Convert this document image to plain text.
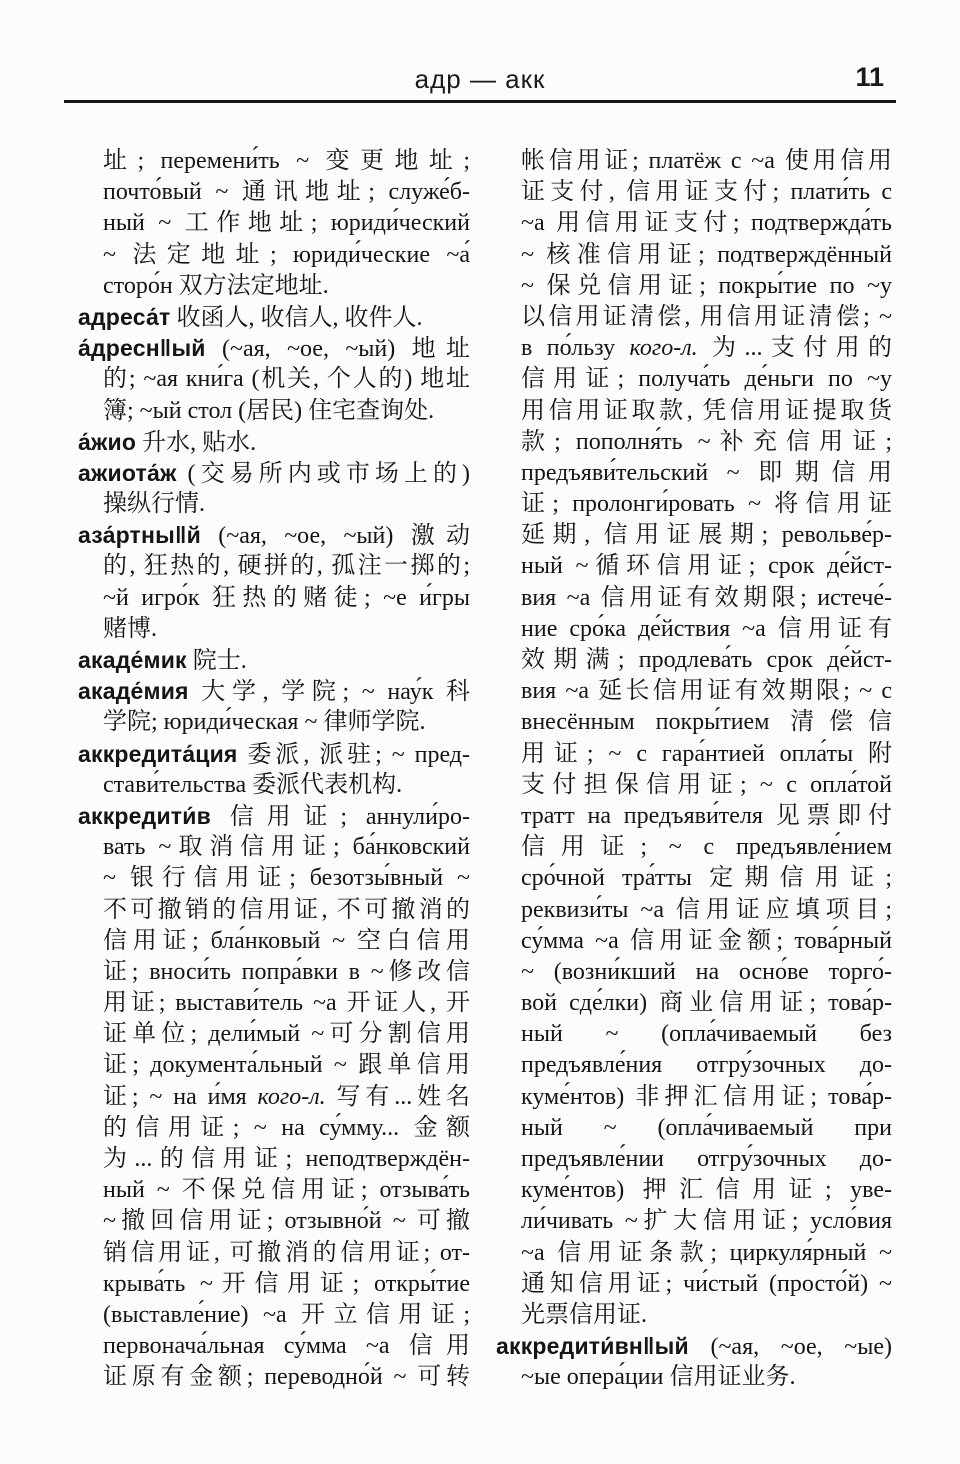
адр — акк	11
址; перемени́ть ~ 变更地址;
почто́вый ~ 通讯地址; служе́б-
ный ~ 工作地址; юриди́ческий
~ 法定地址; юриди́ческие ~а́
сторо́н 双方法定地址.
адреса́т 收函人, 收信人, 收件人.
а́дресн‖ый (~ая, ~ое, ~ый) 地址
的; ~ая кни́га (机关, 个人的) 地址
簿; ~ый стол (居民) 住宅查询处.
а́жио 升水, 贴水.
ажиота́ж (交易所内或市场上的)
操纵行情.
аза́ртны‖й (~ая, ~ое, ~ый) 激动
的, 狂热的, 硬拼的, 孤注一掷的;
~й игро́к 狂热的赌徒; ~е и́гры
赌博.
акаде́мик 院士.
акаде́мия 大学, 学院; ~ нау́к 科
学院; юриди́ческая ~ 律师学院.
аккредита́ция 委派, 派驻; ~ пред-
стави́тельства 委派代表机构.
аккредити́в 信用证; аннули́ро-
вать ~取消信用证; ба́нковский
~ 银行信用证; безотзы́вный ~
不可撤销的信用证, 不可撤消的
信用证; бла́нковый ~ 空白信用
证; вноси́ть попра́вки в ~修改信
用证; выстави́тель ~а 开证人, 开
证单位; дели́мый ~可分割信用
证; документа́льный ~ 跟单信用
证; ~ на и́мя кого-л. 写有...姓名
的信用证; ~ на су́мму... 金额
为...的信用证; неподтверждён-
ный ~ 不保兑信用证; отзыва́ть
~撤回信用证; отзывно́й ~ 可撤
销信用证, 可撤消的信用证; от-
крыва́ть ~开信用证; откры́тие
(выставле́ние) ~а 开立信用证;
первонача́льная су́мма ~а 信用
证原有金额; переводно́й ~ 可转
帐信用证; платёж с ~а 使用信用
证支付, 信用证支付; плати́ть с
~а 用信用证支付; подтвержда́ть
~ 核准信用证; подтверждённый
~ 保兑信用证; покры́тие по ~у
以信用证清偿, 用信用证清偿; ~
в по́льзу кого-л. 为...支付用的
信用证; получа́ть де́ньги по ~у
用信用证取款, 凭信用证提取货
款; пополня́ть ~补充信用证;
предъяви́тельский ~ 即期信用
证; пролонги́ровать ~ 将信用证
延期, 信用证展期; револьве́р-
ный ~循环信用证; срок де́йст-
вия ~а 信用证有效期限; истече́-
ние сро́ка де́йствия ~а 信用证有
效期满; продлева́ть срок де́йст-
вия ~а 延长信用证有效期限; ~ с
внесённым покры́тием 清偿信
用证; ~ с гара́нтией опла́ты 附
支付担保信用证; ~ с опла́той
тратт на предъяви́теля 见票即付
信用证; ~ с предъявле́нием
сро́чной тра́тты 定期信用证;
реквизи́ты ~а 信用证应填项目;
су́мма ~а 信用证金额; това́рный
~ (возни́кший на осно́ве торго́-
вой сде́лки) 商业信用证; това́р-
ный ~ (опла́чиваемый без
предъявле́ния отгру́зочных до-
куме́нтов) 非押汇信用证; това́р-
ный ~ (опла́чиваемый при
предъявле́нии отгру́зочных до-
куме́нтов) 押汇信用证; уве-
ли́чивать ~扩大信用证; усло́вия
~а 信用证条款; циркуля́рный ~
通知信用证; чи́стый (просто́й) ~
光票信用证.
аккредити́вн‖ый (~ая, ~ое, ~ые)
~ые опера́ции 信用证业务.
